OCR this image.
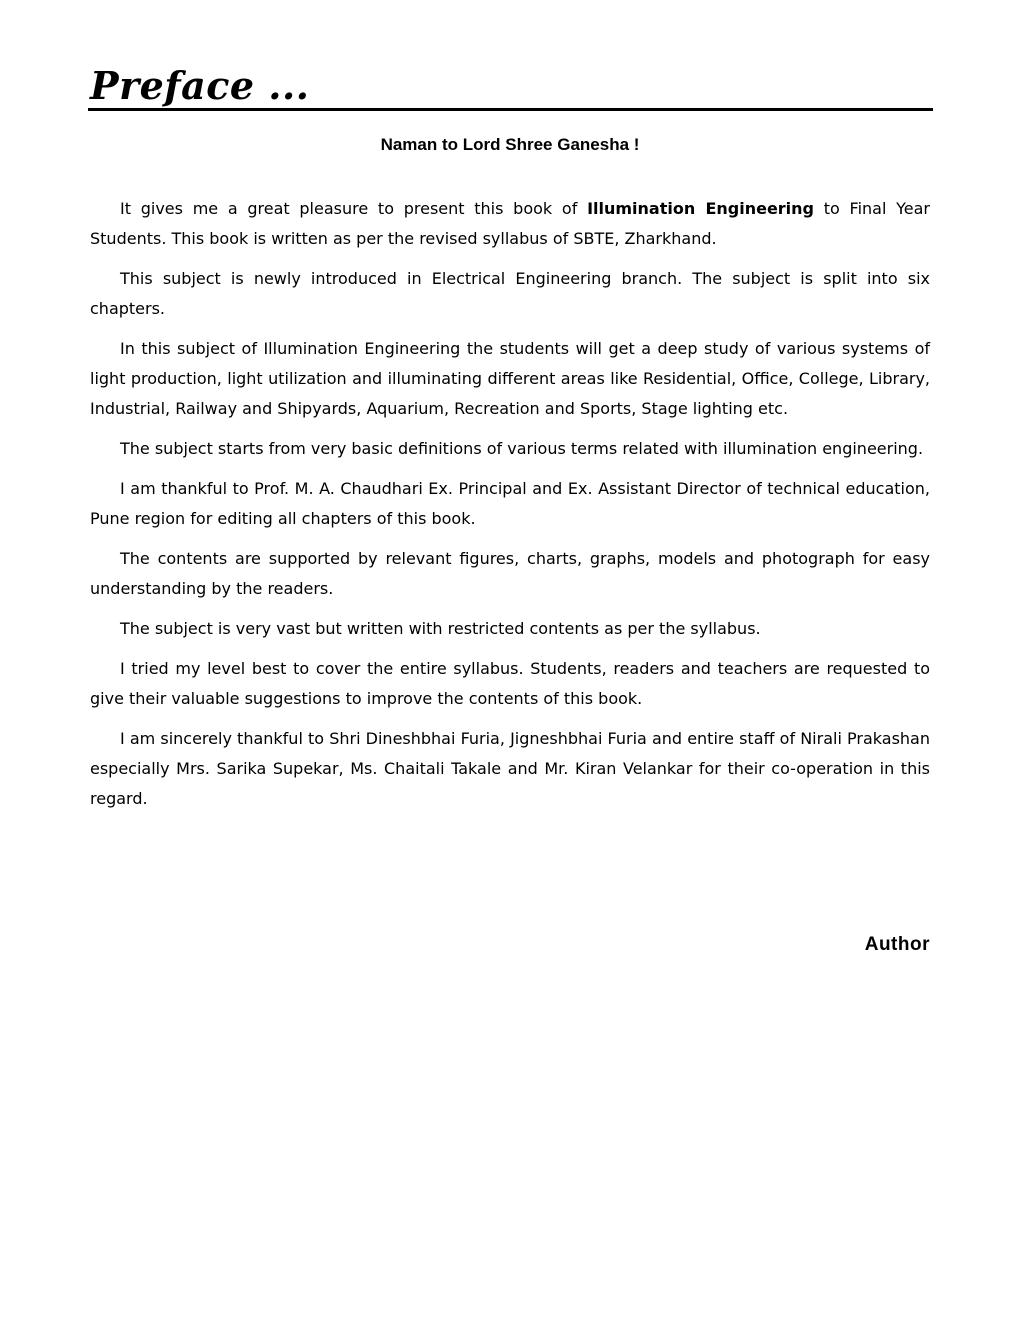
Preface ...
Naman to Lord Shree Ganesha !

It gives me a great pleasure to present this book of Illumination Engineering to Final Year Students. This book is written as per the revised syllabus of SBTE, Zharkhand.

This subject is newly introduced in Electrical Engineering branch. The subject is split into six chapters.

In this subject of Illumination Engineering the students will get a deep study of various systems of light production, light utilization and illuminating different areas like Residential, Office, College, Library, Industrial, Railway and Shipyards, Aquarium, Recreation and Sports, Stage lighting etc.

The subject starts from very basic definitions of various terms related with illumination engineering.

I am thankful to Prof. M. A. Chaudhari Ex. Principal and Ex. Assistant Director of technical education, Pune region for editing all chapters of this book.

The contents are supported by relevant figures, charts, graphs, models and photograph for easy understanding by the readers.

The subject is very vast but written with restricted contents as per the syllabus.

I tried my level best to cover the entire syllabus. Students, readers and teachers are requested to give their valuable suggestions to improve the contents of this book.

I am sincerely thankful to Shri Dineshbhai Furia, Jigneshbhai Furia and entire staff of Nirali Prakashan especially Mrs. Sarika Supekar, Ms. Chaitali Takale and Mr. Kiran Velankar for their co-operation in this regard.

Author
